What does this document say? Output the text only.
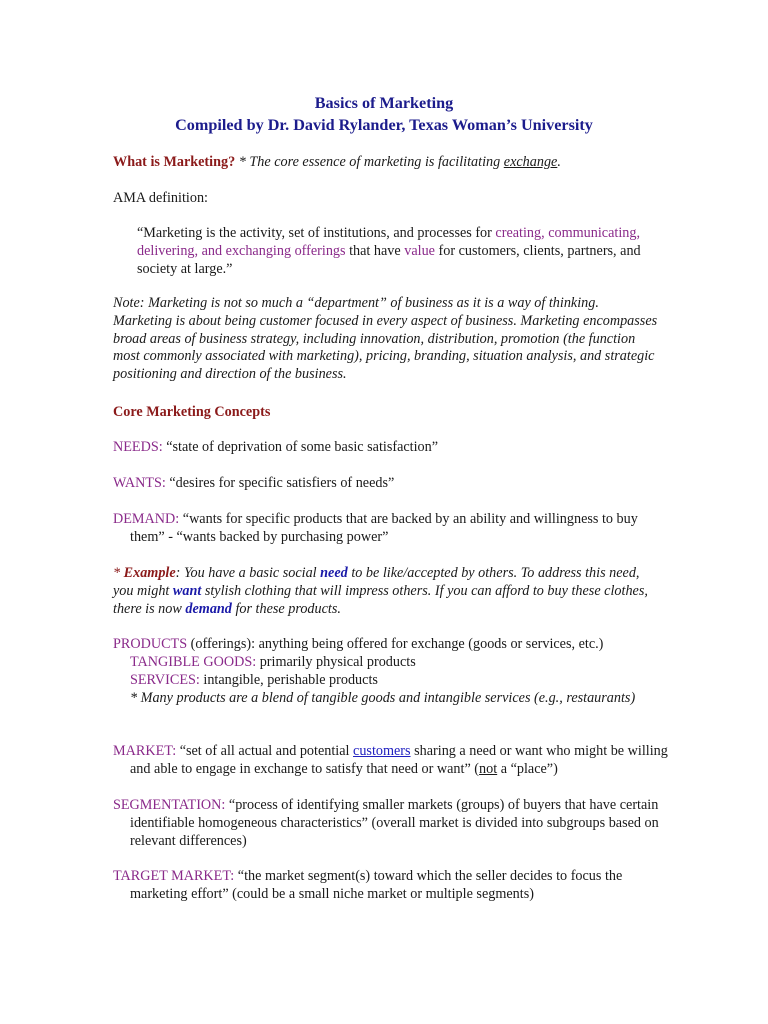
Basics of Marketing
Compiled by Dr. David Rylander, Texas Woman’s University
What is Marketing? * The core essence of marketing is facilitating exchange.
AMA definition:
“Marketing is the activity, set of institutions, and processes for creating, communicating, delivering, and exchanging offerings that have value for customers, clients, partners, and society at large.”
Note: Marketing is not so much a “department” of business as it is a way of thinking. Marketing is about being customer focused in every aspect of business. Marketing encompasses broad areas of business strategy, including innovation, distribution, promotion (the function most commonly associated with marketing), pricing, branding, situation analysis, and strategic positioning and direction of the business.
Core Marketing Concepts
NEEDS: “state of deprivation of some basic satisfaction”
WANTS: “desires for specific satisfiers of needs”
DEMAND: “wants for specific products that are backed by an ability and willingness to buy them” - “wants backed by purchasing power”
* Example: You have a basic social need to be like/accepted by others. To address this need, you might want stylish clothing that will impress others. If you can afford to buy these clothes, there is now demand for these products.
PRODUCTS (offerings): anything being offered for exchange (goods or services, etc.)
TANGIBLE GOODS: primarily physical products
SERVICES: intangible, perishable products
* Many products are a blend of tangible goods and intangible services (e.g., restaurants)
MARKET: “set of all actual and potential customers sharing a need or want who might be willing and able to engage in exchange to satisfy that need or want” (not a “place”)
SEGMENTATION: “process of identifying smaller markets (groups) of buyers that have certain identifiable homogeneous characteristics” (overall market is divided into subgroups based on relevant differences)
TARGET MARKET: “the market segment(s) toward which the seller decides to focus the marketing effort” (could be a small niche market or multiple segments)
